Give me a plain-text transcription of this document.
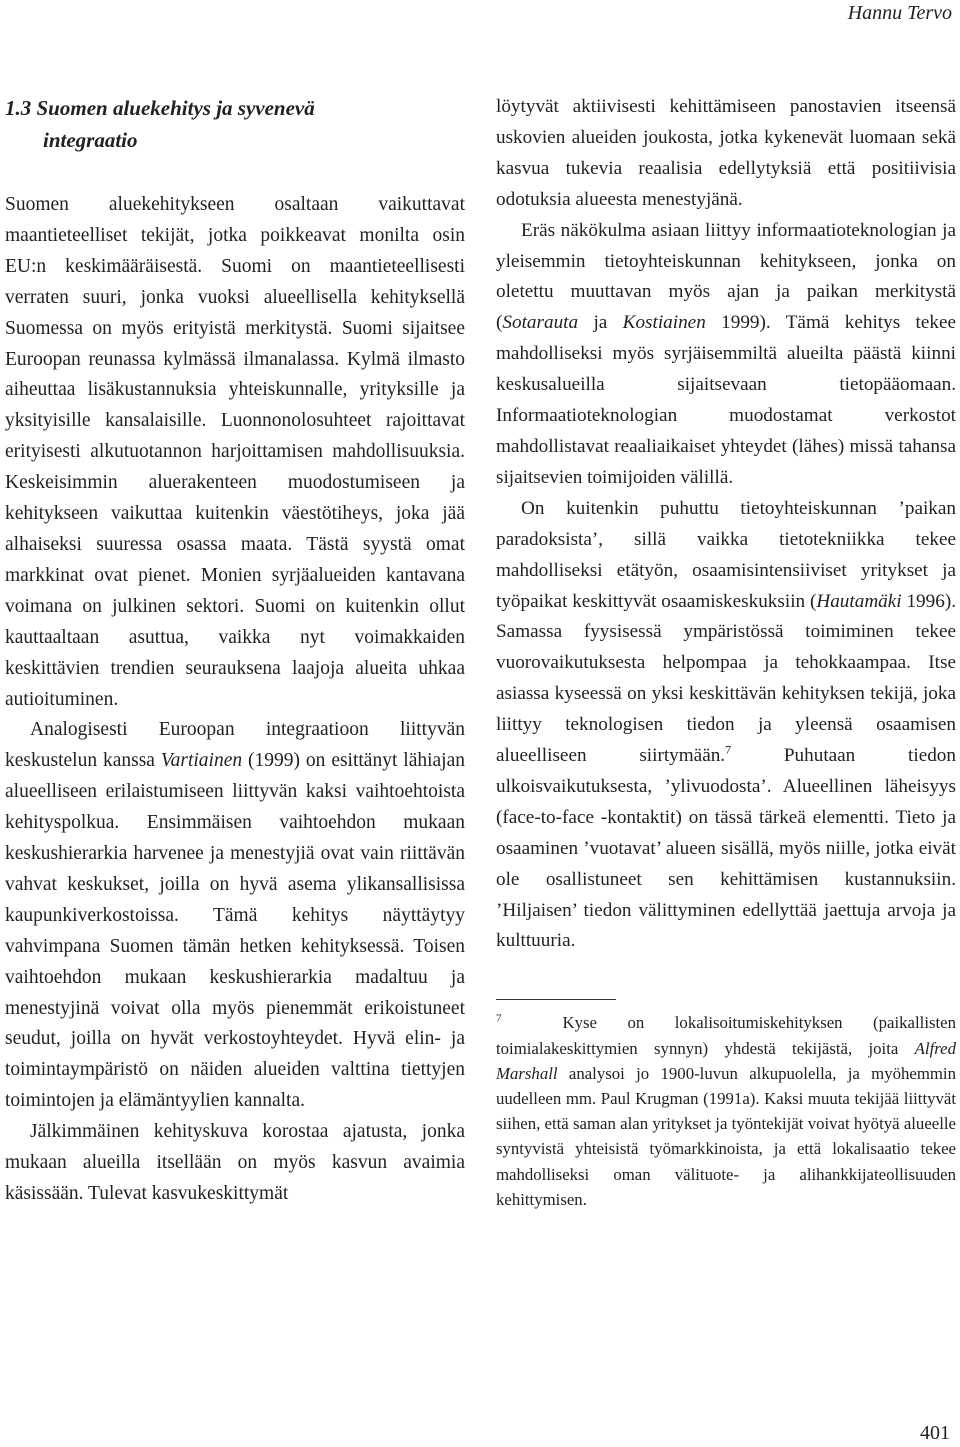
Hannu Tervo
1.3 Suomen aluekehitys ja syvenevä
integraatio

Suomen aluekehitykseen osaltaan vaikuttavat maantieteelliset tekijät, jotka poikkeavat monilta osin EU:n keskimääräisestä. Suomi on maantieteellisesti verraten suuri, jonka vuoksi alueellisella kehityksellä Suomessa on myös erityistä merkitystä. Suomi sijaitsee Euroopan reunassa kylmässä ilmanalassa. Kylmä ilmasto aiheuttaa lisäkustannuksia yhteiskunnalle, yrityksille ja yksityisille kansalaisille. Luonnonolosuhteet rajoittavat erityisesti alkutuotannon harjoittamisen mahdollisuuksia. Keskeisimmin aluerakenteen muodostumiseen ja kehitykseen vaikuttaa kuitenkin väestötiheys, joka jää alhaiseksi suuressa osassa maata. Tästä syystä omat markkinat ovat pienet. Monien syrjäalueiden kantavana voimana on julkinen sektori. Suomi on kuitenkin ollut kauttaaltaan asuttua, vaikka nyt voimakkaiden keskittävien trendien seurauksena laajoja alueita uhkaa autioituminen.

Analogisesti Euroopan integraatioon liittyvän keskustelun kanssa Vartiainen (1999) on esittänyt lähiajan alueelliseen erilaistumiseen liittyvän kaksi vaihtoehtoista kehityspolkua. Ensimmäisen vaihtoehdon mukaan keskushierarkia harvenee ja menestyjiä ovat vain riittävän vahvat keskukset, joilla on hyvä asema ylikansallisissa kaupunkiverkostoissa. Tämä kehitys näyttäytyy vahvimpana Suomen tämän hetken kehityksessä. Toisen vaihtoehdon mukaan keskushierarkia madaltuu ja menestyjinä voivat olla myös pienemmät erikoistuneet seudut, joilla on hyvät verkostoyhteydet. Hyvä elin- ja toimintaympäristö on näiden alueiden valttina tiettyjen toimintojen ja elämäntyylien kannalta.

Jälkimmäinen kehityskuva korostaa ajatusta, jonka mukaan alueilla itsellään on myös kasvun avaimia käsissään. Tulevat kasvukeskittymät

löytyvät aktiivisesti kehittämiseen panostavien itseensä uskovien alueiden joukosta, jotka kykenevät luomaan sekä kasvua tukevia reaalisia edellytyksiä että positiivisia odotuksia alueesta menestyjänä.

Eräs näkökulma asiaan liittyy informaatioteknologian ja yleisemmin tietoyhteiskunnan kehitykseen, jonka on oletettu muuttavan myös ajan ja paikan merkitystä (Sotarauta ja Kostiainen 1999). Tämä kehitys tekee mahdolliseksi myös syrjäisemmiltä alueilta päästä kiinni keskusalueilla sijaitsevaan tietopääomaan. Informaatioteknologian muodostamat verkostot mahdollistavat reaaliaikaiset yhteydet (lähes) missä tahansa sijaitsevien toimijoiden välillä.

On kuitenkin puhuttu tietoyhteiskunnan ’paikan paradoksista’, sillä vaikka tietotekniikka tekee mahdolliseksi etätyön, osaamisintensiiviset yritykset ja työpaikat keskittyvät osaamiskeskuksiin (Hautamäki 1996). Samassa fyysisessä ympäristössä toimiminen tekee vuorovaikutuksesta helpompaa ja tehokkaampaa. Itse asiassa kyseessä on yksi keskittävän kehityksen tekijä, joka liittyy teknologisen tiedon ja yleensä osaamisen alueelliseen siirtymään.$^7$ Puhutaan tiedon ulkoisvaikutuksesta, ’ylivuodosta’. Alueellinen läheisyys (face-to-face -kontaktit) on tässä tärkeä elementti. Tieto ja osaaminen ’vuotavat’ alueen sisällä, myös niille, jotka eivät ole osallistuneet sen kehittämisen kustannuksiin. ’Hiljaisen’ tiedon välittyminen edellyttää jaettuja arvoja ja kulttuuria.

$^7$	Kyse on lokalisoitumiskehityksen (paikallisten toimialakeskittymien synnyn) yhdestä tekijästä, joita Alfred Marshall analysoi jo 1900-luvun alkupuolella, ja myöhemmin uudelleen mm. Paul Krugman (1991a). Kaksi muuta tekijää liittyvät siihen, että saman alan yritykset ja työntekijät voivat hyötyä alueelle syntyvistä yhteisistä työmarkkinoista, ja että lokalisaatio tekee mahdolliseksi oman välituote- ja alihankkijateollisuuden kehittymisen.

401
